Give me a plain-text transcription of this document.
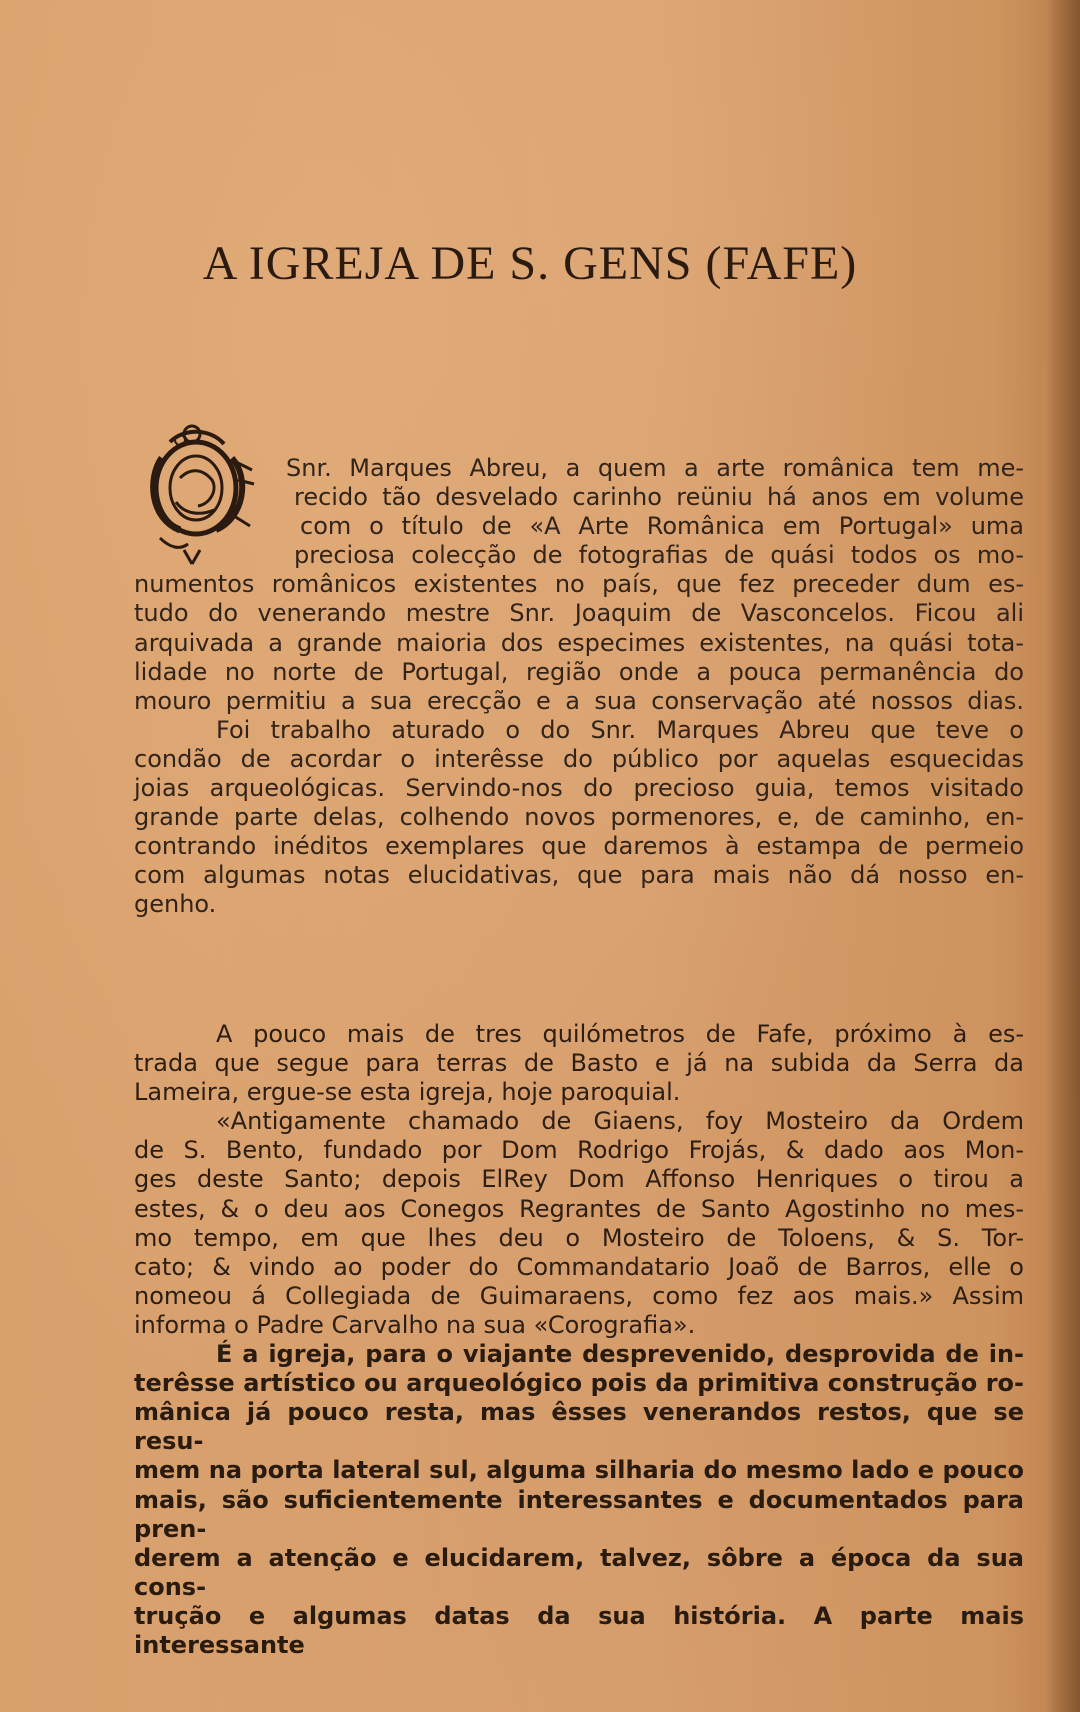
A IGREJA DE S. GENS (FAFE)
Snr. Marques Abreu, a quem a arte românica tem me-
recido tão desvelado carinho reüniu há anos em volume
com o título de «A Arte Românica em Portugal» uma
preciosa colecção de fotografias de quási todos os mo-
numentos românicos existentes no país, que fez preceder dum es-
tudo do venerando mestre Snr. Joaquim de Vasconcelos. Ficou ali
arquivada a grande maioria dos especimes existentes, na quási tota-
lidade no norte de Portugal, região onde a pouca permanência do
mouro permitiu a sua erecção e a sua conservação até nossos dias.
Foi trabalho aturado o do Snr. Marques Abreu que teve o
condão de acordar o interêsse do público por aquelas esquecidas
joias arqueológicas. Servindo-nos do precioso guia, temos visitado
grande parte delas, colhendo novos pormenores, e, de caminho, en-
contrando inéditos exemplares que daremos à estampa de permeio
com algumas notas elucidativas, que para mais não dá nosso en-
genho.
A pouco mais de tres quilómetros de Fafe, próximo à es-
trada que segue para terras de Basto e já na subida da Serra da
Lameira, ergue-se esta igreja, hoje paroquial.
«Antigamente chamado de Giaens, foy Mosteiro da Ordem
de S. Bento, fundado por Dom Rodrigo Frojás, & dado aos Mon-
ges deste Santo; depois ElRey Dom Affonso Henriques o tirou a
estes, & o deu aos Conegos Regrantes de Santo Agostinho no mes-
mo tempo, em que lhes deu o Mosteiro de Toloens, & S. Tor-
cato; & vindo ao poder do Commandatario Joaõ de Barros, elle o
nomeou á Collegiada de Guimaraens, como fez aos mais.» Assim
informa o Padre Carvalho na sua «Corografia».
É a igreja, para o viajante desprevenido, desprovida de in-
terêsse artístico ou arqueológico pois da primitiva construção ro-
mânica já pouco resta, mas êsses venerandos restos, que se resu-
mem na porta lateral sul, alguma silharia do mesmo lado e pouco
mais, são suficientemente interessantes e documentados para pren-
derem a atenção e elucidarem, talvez, sôbre a época da sua cons-
trução e algumas datas da sua história. A parte mais interessante
